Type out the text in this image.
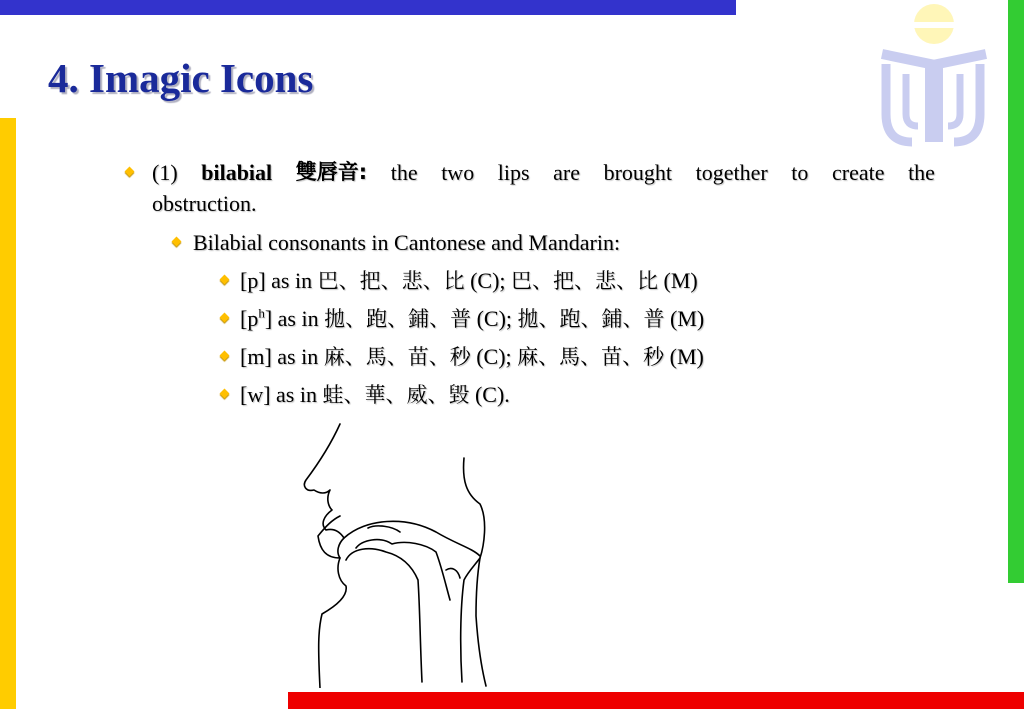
4. Imagic Icons
(1) bilabial 雙唇音: the two lips are brought together to create the
obstruction.
Bilabial consonants in Cantonese and Mandarin:
[p] as in 巴、把、悲、比 (C); 巴、把、悲、比 (M)
$[p^h]$ as in 拋、跑、鋪、普 (C); 拋、跑、鋪、普 (M)
[m] as in 麻、馬、苗、秒 (C); 麻、馬、苗、秒 (M)
[w] as in 蛙、華、威、毀 (C).
